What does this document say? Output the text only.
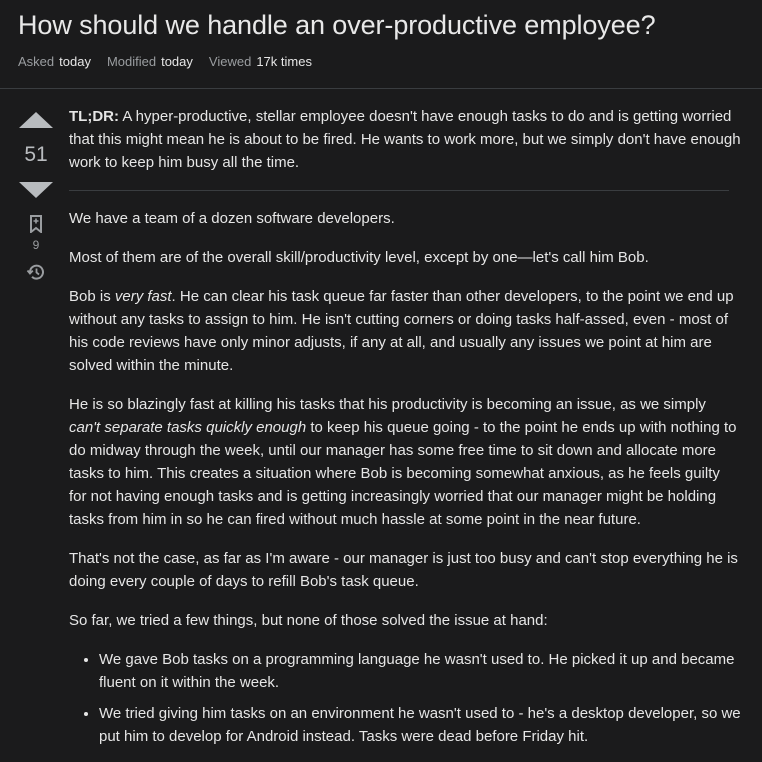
How should we handle an over-productive employee?
Asked today Modified today Viewed 17k times
51
9

TL;DR: A hyper-productive, stellar employee doesn't have enough tasks to do and is getting worried that this might mean he is about to be fired. He wants to work more, but we simply don't have enough work to keep him busy all the time.

We have a team of a dozen software developers.

Most of them are of the overall skill/productivity level, except by one—let's call him Bob.

Bob is very fast. He can clear his task queue far faster than other developers, to the point we end up without any tasks to assign to him. He isn't cutting corners or doing tasks half-assed, even - most of his code reviews have only minor adjusts, if any at all, and usually any issues we point at him are solved within the minute.

He is so blazingly fast at killing his tasks that his productivity is becoming an issue, as we simply can't separate tasks quickly enough to keep his queue going - to the point he ends up with nothing to do midway through the week, until our manager has some free time to sit down and allocate more tasks to him. This creates a situation where Bob is becoming somewhat anxious, as he feels guilty for not having enough tasks and is getting increasingly worried that our manager might be holding tasks from him in so he can fired without much hassle at some point in the near future.

That's not the case, as far as I'm aware - our manager is just too busy and can't stop everything he is doing every couple of days to refill Bob's task queue.

So far, we tried a few things, but none of those solved the issue at hand:

• We gave Bob tasks on a programming language he wasn't used to. He picked it up and became fluent on it within the week.
• We tried giving him tasks on an environment he wasn't used to - he's a desktop developer, so we put him to develop for Android instead. Tasks were dead before Friday hit.
